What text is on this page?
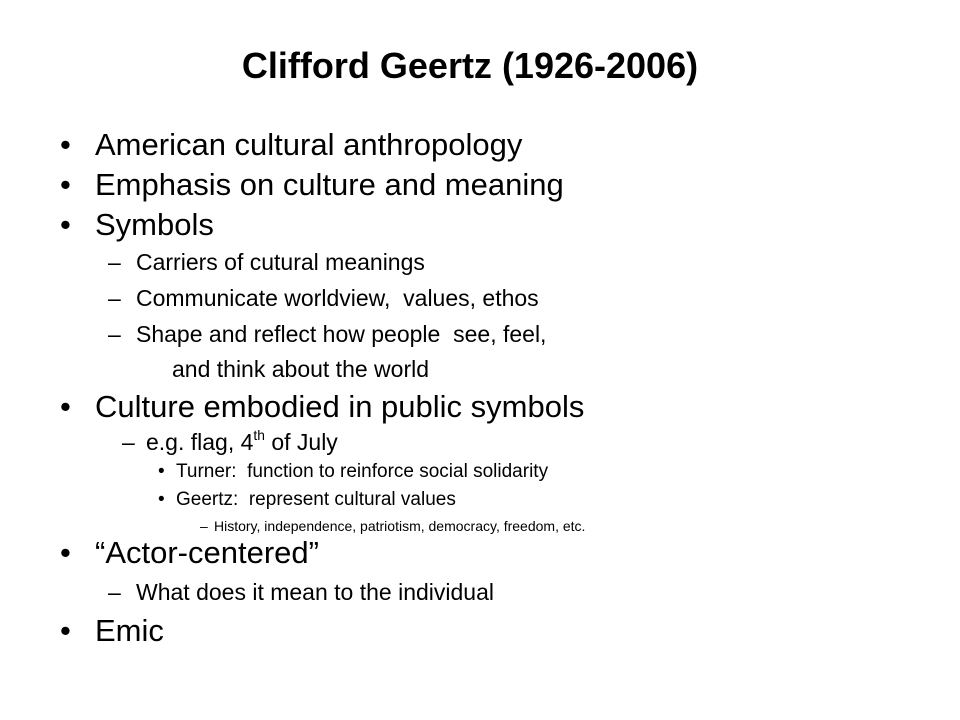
Clifford Geertz (1926-2006)
• American cultural anthropology
• Emphasis on culture and meaning
• Symbols
– Carriers of cutural meanings
– Communicate worldview,  values, ethos
– Shape and reflect how people  see, feel,
and think about the world
• Culture embodied in public symbols
– e.g. flag, 4th of July
• Turner:  function to reinforce social solidarity
• Geertz:  represent cultural values
– History, independence, patriotism, democracy, freedom, etc.
• “Actor-centered”
– What does it mean to the individual
• Emic
